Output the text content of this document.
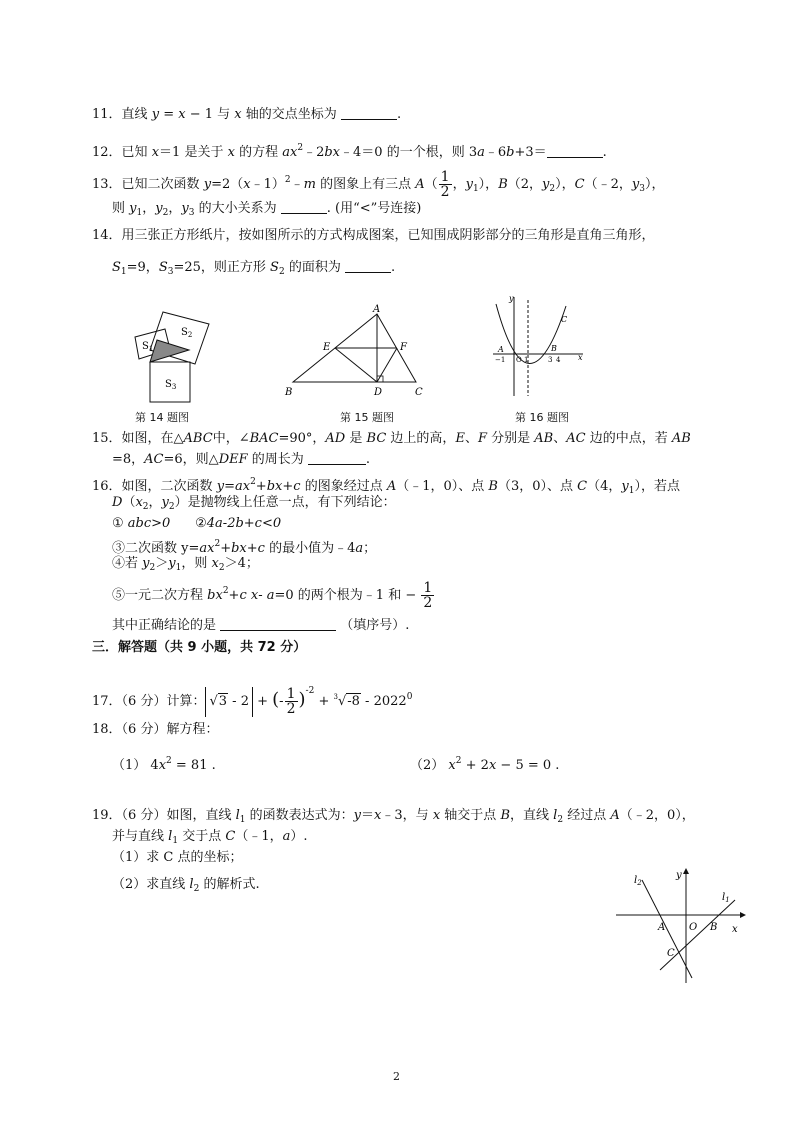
11．直线 y = x − 1 与 x 轴的交点坐标为	.
12．已知 x＝1 是关于 x 的方程 $ax^2﹣2bx﹣4=0$ 的一个根，则 3a﹣6b+3＝	.
13．已知二次函数 y=2（x﹣1）$^2$﹣m 的图象上有三点 $A( \frac{1}{2}$ ，$y_1$），B（2，$y_2$），C（﹣2，$y_3$），
则 $y_1$，$y_2$，$y_3$ 的大小关系为	. (用“<”号连接)
14．用三张正方形纸片，按如图所示的方式构成图案，已知围成阴影部分的三角形是直角三角形，
$S_1=9$，$S_3=25$，则正方形 $S_2$ 的面积为	.
$S_1$
$S_2$
$S_3$
第 14 题图
A
E	F
B	D	C
第 15 题图
y
x
A
−1 O 1	3 4
B
C
第 16 题图
15．如图，在△ABC中，∠BAC=90°，AD 是 BC 边上的高，E、F 分别是 AB、AC 边的中点，若 AB
=8，AC=6，则△DEF 的周长为	.
16．如图，二次函数 $y=ax^2+bx+c$ 的图象经过点 A（﹣1，0）、点 B（3，0）、点 C（4，$y_1$），若点
$D(x_2$，$y_2$）是抛物线上任意一点，有下列结论：
① abc>0 ②4a-2b+c<0
③二次函数 $y=ax^2+bx+c$ 的最小值为﹣4a；
④若 $y_2>y_1$，则 $x_2>4$；
⑤一元二次方程 $bx^2+c$ x- a=0 的两个根为﹣1 和 − $\frac{1}{2}$
其中正确结论的是	（填序号）.
三．解答题（共 9 小题，共 72 分）
17．（6 分）计算： √3 - 2 + (- $\frac{1}{2} )^{-2} + ^3√-8 - 2022^0$
18．（6 分）解方程：
（1） $4x^2 = 81$ .	（2） $x^2 + 2x - 5 = 0$ .
19．（6 分）如图，直线 $l_1$ 的函数表达式为：y＝x﹣3，与 x 轴交于点 B，直线 $l_2$ 经过点 A（﹣2，0），
并与直线 $l_1$ 交于点 C（﹣1，a）.
（1）求 C 点的坐标；
（2）求直线 $l_2$ 的解析式.	$l_2$
y
$l_1$
A O B x
C
2
